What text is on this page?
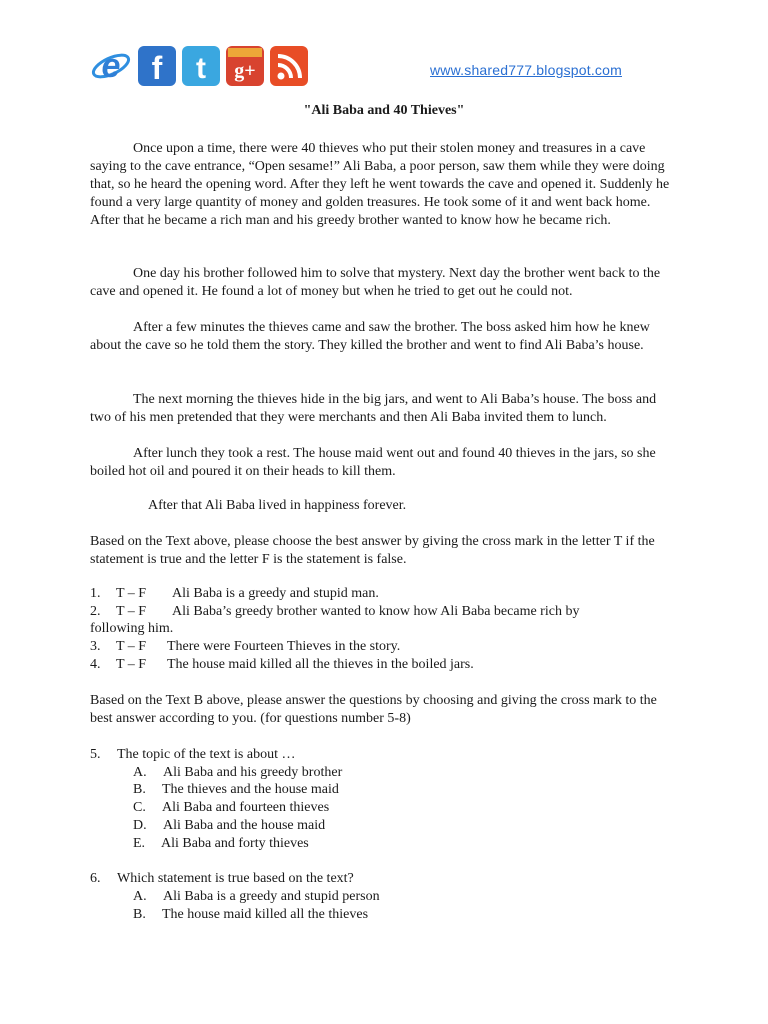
e f t g+	www.shared777.blogspot.com
"Ali Baba and 40 Thieves"

Once upon a time, there were 40 thieves who put their stolen money and treasures in a cave saying to the cave entrance, “Open sesame!” Ali Baba, a poor person, saw them while they were doing that, so he heard the opening word. After they left he went towards the cave and opened it. Suddenly he found a very large quantity of money and golden treasures. He took some of it and went back home. After that he became a rich man and his greedy brother wanted to know how he became rich.

One day his brother followed him to solve that mystery. Next day the brother went back to the cave and opened it. He found a lot of money but when he tried to get out he could not.

After a few minutes the thieves came and saw the brother. The boss asked him how he knew about the cave so he told them the story. They killed the brother and went to find Ali Baba’s house.

The next morning the thieves hide in the big jars, and went to Ali Baba’s house. The boss and two of his men pretended that they were merchants and then Ali Baba invited them to lunch.

After lunch they took a rest. The house maid went out and found 40 thieves in the jars, so she boiled hot oil and poured it on their heads to kill them.

After that Ali Baba lived in happiness forever.

Based on the Text above, please choose the best answer by giving the cross mark in the letter T if the statement is true and the letter F is the statement is false.

1. T – F Ali Baba is a greedy and stupid man.
2. T – F Ali Baba’s greedy brother wanted to know how Ali Baba became rich by
following him.
3. T – F There were Fourteen Thieves in the story.
4. T – F The house maid killed all the thieves in the boiled jars.

Based on the Text B above, please answer the questions by choosing and giving the cross mark to the best answer according to you. (for questions number 5-8)

5. The topic of the text is about …
A. Ali Baba and his greedy brother
B. The thieves and the house maid
C. Ali Baba and fourteen thieves
D. Ali Baba and the house maid
E. Ali Baba and forty thieves
6. Which statement is true based on the text?
A. Ali Baba is a greedy and stupid person
B. The house maid killed all the thieves
